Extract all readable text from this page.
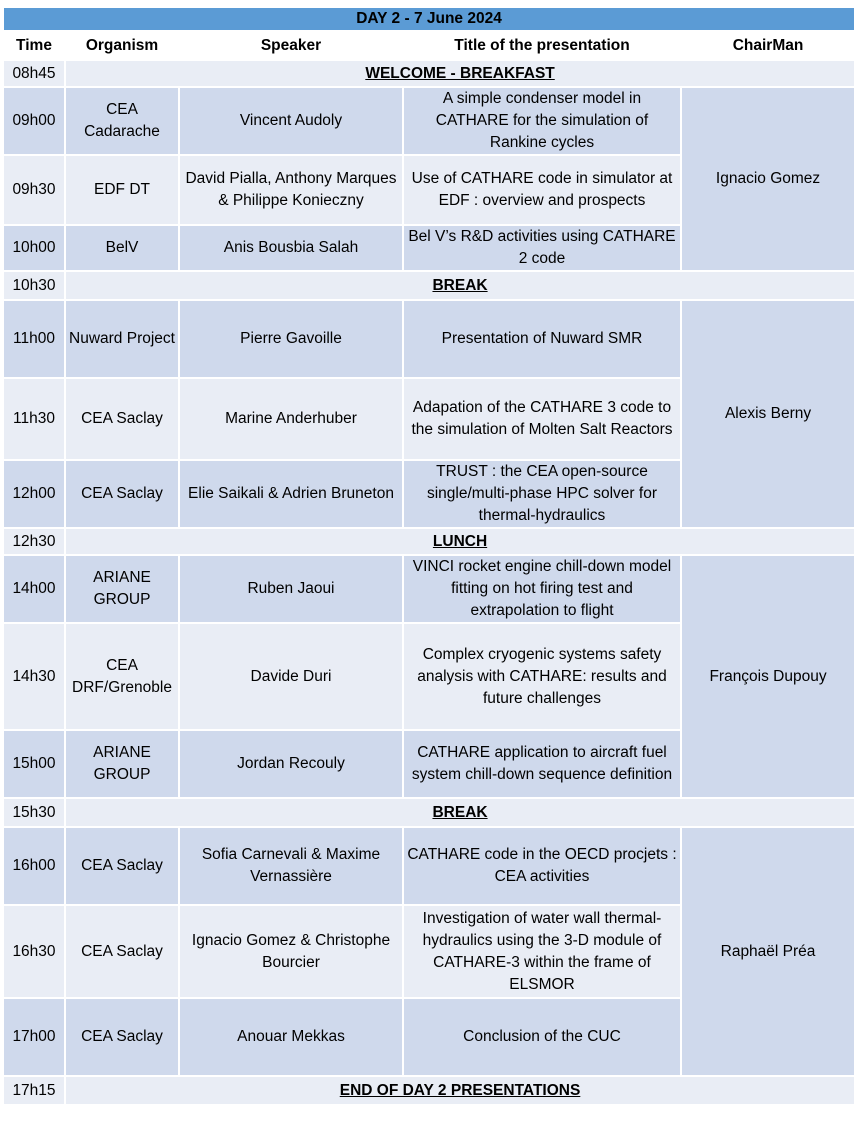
DAY 2 - 7 June 2024				
Time	Organism	Speaker	Title of the presentation	ChairMan
08h45	WELCOME - BREAKFAST			
09h00	CEA Cadarache	Vincent Audoly	A simple condenser model in CATHARE for the simulation of Rankine cycles	Ignacio Gomez
09h30	EDF DT	David Pialla, Anthony Marques & Philippe Konieczny	Use of CATHARE code in simulator at EDF : overview and prospects	
10h00	BelV	Anis Bousbia Salah	Bel V’s R&D activities using CATHARE 2 code	
10h30	BREAK			
11h00	Nuward Project	Pierre Gavoille	Presentation of Nuward SMR	Alexis Berny
11h30	CEA Saclay	Marine Anderhuber	Adapation of the CATHARE 3 code to the simulation of Molten Salt Reactors	
12h00	CEA Saclay	Elie Saikali & Adrien Bruneton	TRUST : the CEA open-source single/multi-phase HPC solver for thermal-hydraulics	
12h30	LUNCH			
14h00	ARIANE GROUP	Ruben Jaoui	VINCI rocket engine chill-down model fitting on hot firing test and extrapolation to flight	François Dupouy
14h30	CEA DRF/Grenoble	Davide Duri	Complex cryogenic systems safety analysis with CATHARE: results and future challenges	
15h00	ARIANE GROUP	Jordan Recouly	CATHARE application to aircraft fuel system chill-down sequence definition	
15h30	BREAK			
16h00	CEA Saclay	Sofia Carnevali & Maxime Vernassière	CATHARE code in the OECD procjets : CEA activities	Raphaël Préa
16h30	CEA Saclay	Ignacio Gomez & Christophe Bourcier	Investigation of water wall thermal-hydraulics using the 3-D module of CATHARE-3 within the frame of ELSMOR	
17h00	CEA Saclay	Anouar Mekkas	Conclusion of the CUC	
17h15	END OF DAY 2 PRESENTATIONS			
